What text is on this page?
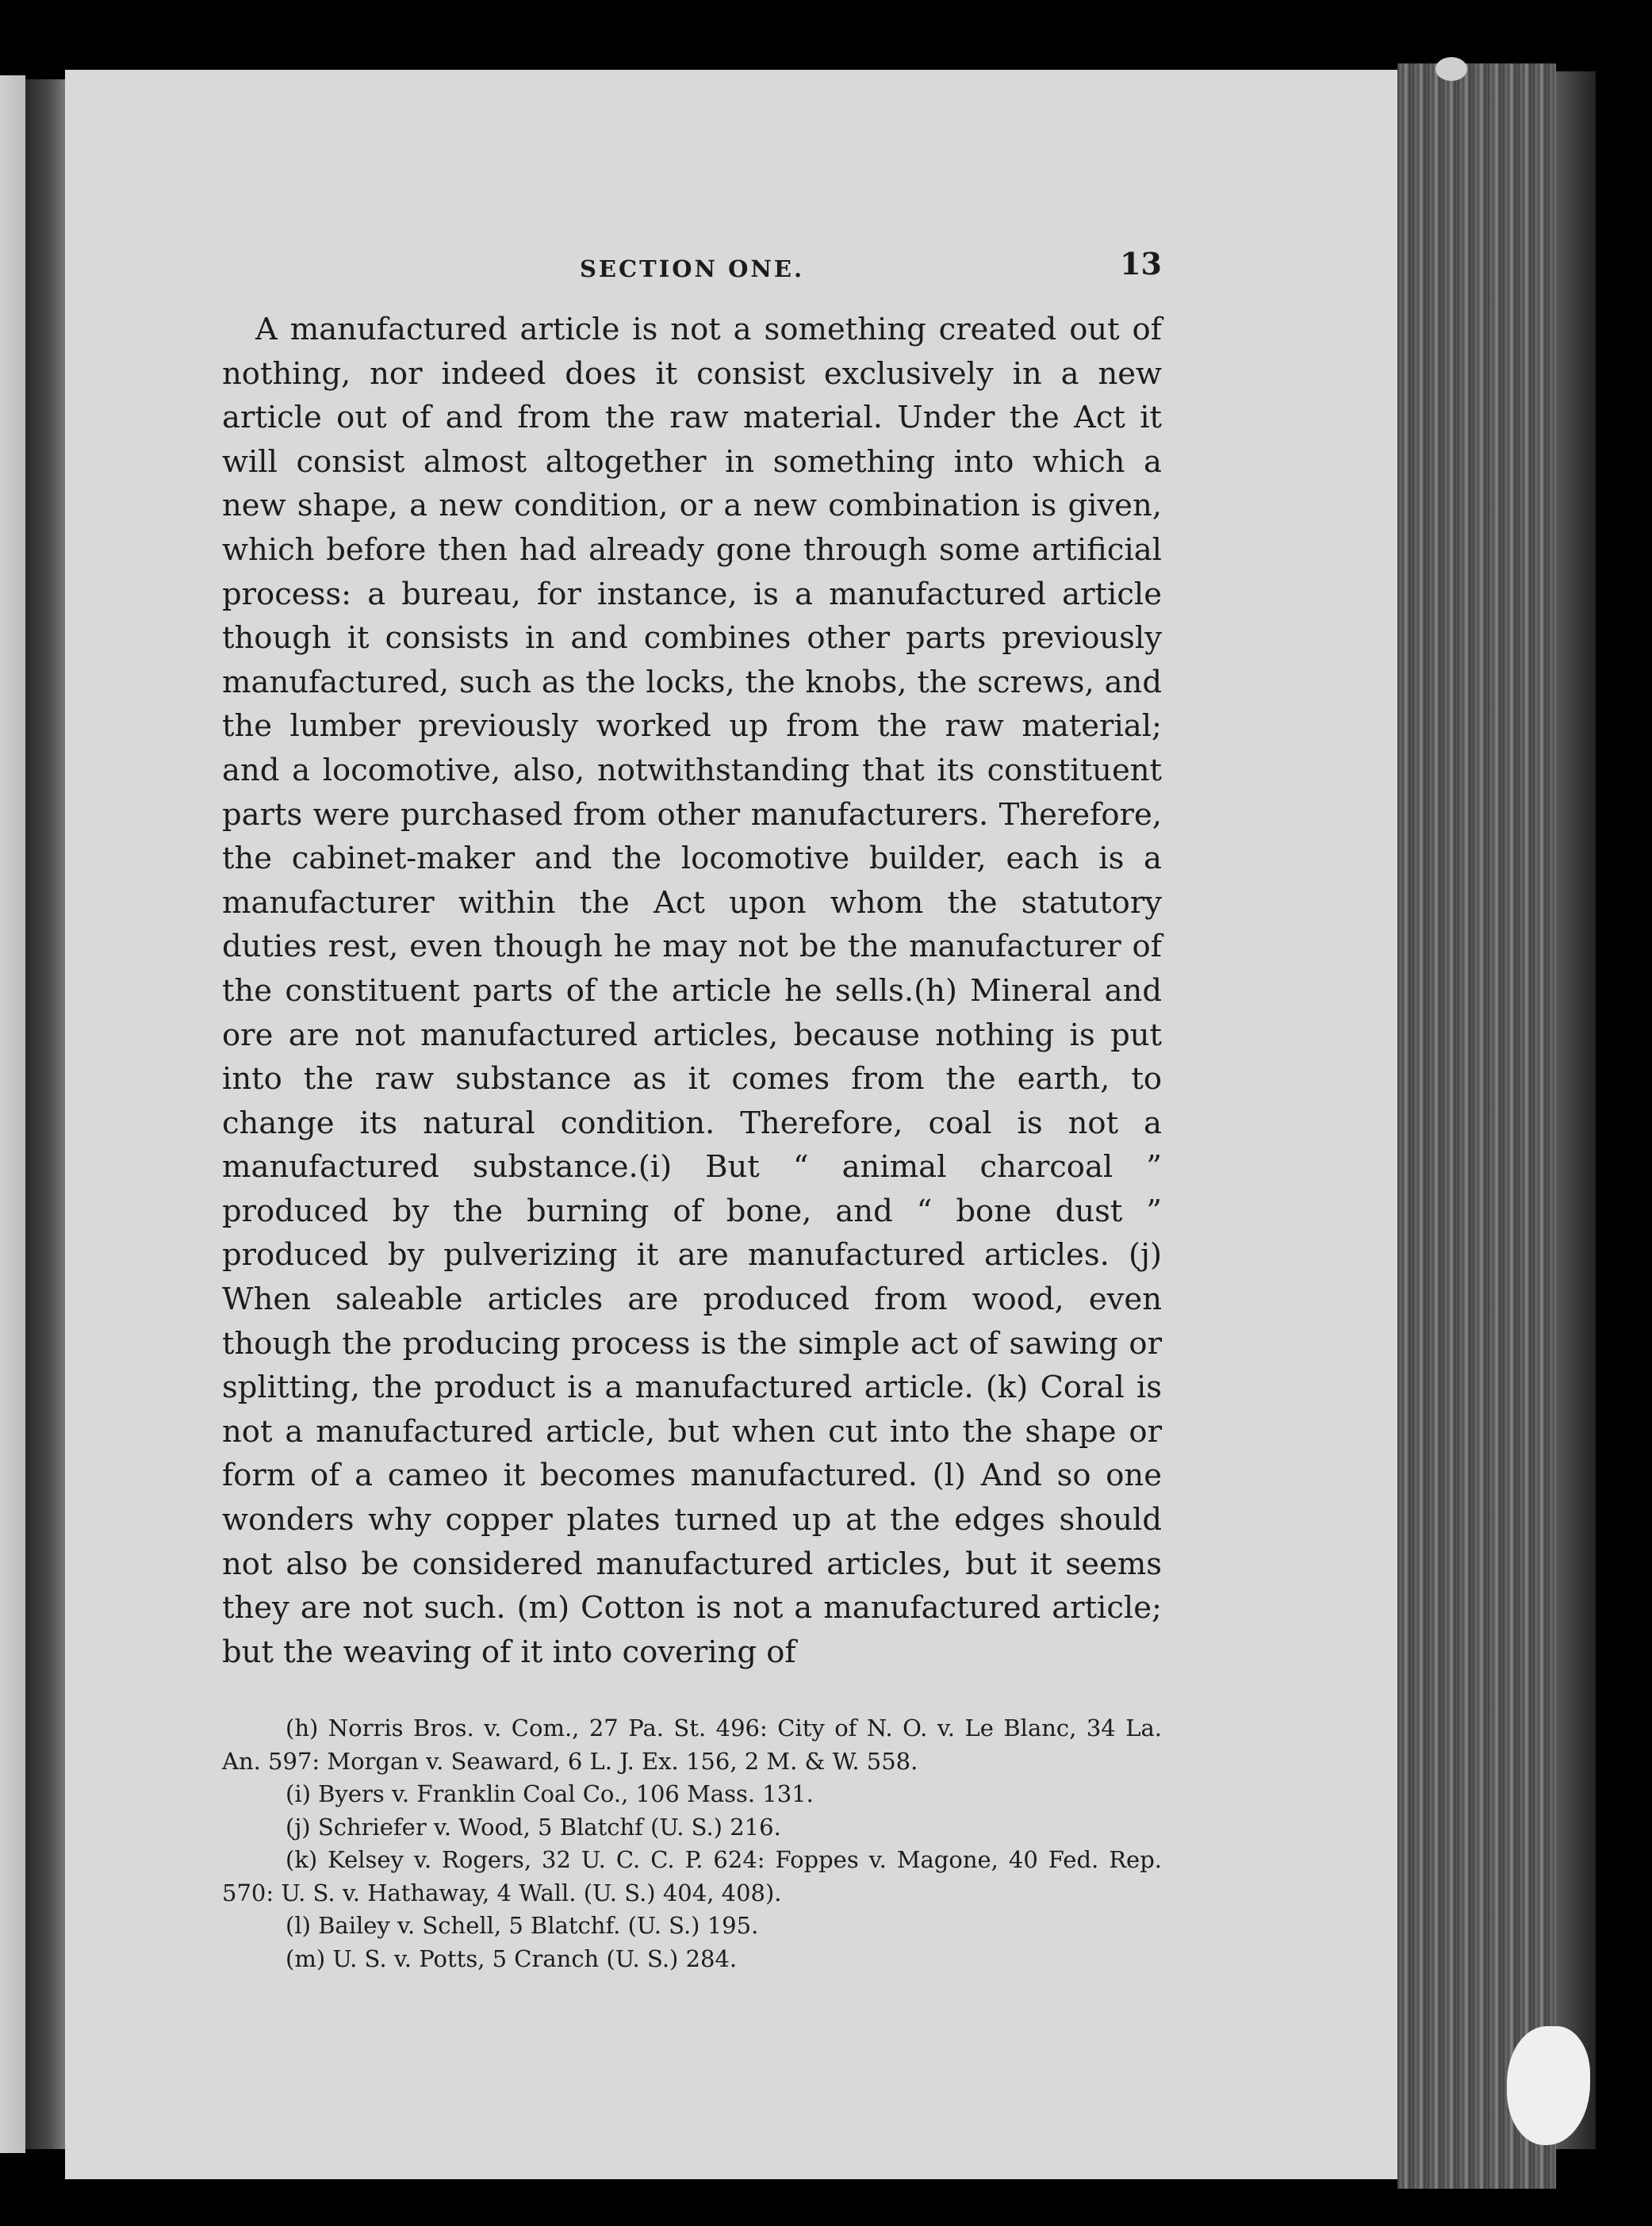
SECTION ONE.	13

A manufactured article is not a something created out of nothing, nor indeed does it consist exclusively in a new article out of and from the raw material. Under the Act it will consist almost altogether in something into which a new shape, a new condition, or a new combination is given, which before then had already gone through some artificial process: a bureau, for instance, is a manufactured article though it consists in and combines other parts previously manufactured, such as the locks, the knobs, the screws, and the lumber previously worked up from the raw material; and a locomotive, also, notwithstanding that its constituent parts were purchased from other manufacturers. Therefore, the cabinet-maker and the locomotive builder, each is a manufacturer within the Act upon whom the statutory duties rest, even though he may not be the manufacturer of the constituent parts of the article he sells.(h) Mineral and ore are not manufactured articles, because nothing is put into the raw substance as it comes from the earth, to change its natural condition. Therefore, coal is not a manufactured substance.(i) But “ animal charcoal ” produced by the burning of bone, and “ bone dust ” produced by pulverizing it are manufactured articles. (j) When saleable articles are produced from wood, even though the producing process is the simple act of sawing or splitting, the product is a manufactured article. (k) Coral is not a manufactured article, but when cut into the shape or form of a cameo it becomes manufactured. (l) And so one wonders why copper plates turned up at the edges should not also be considered manufactured articles, but it seems they are not such. (m) Cotton is not a manufactured article; but the weaving of it into covering of

(h) Norris Bros. v. Com., 27 Pa. St. 496: City of N. O. v. Le Blanc, 34 La. An. 597: Morgan v. Seaward, 6 L. J. Ex. 156, 2 M. & W. 558.

(i) Byers v. Franklin Coal Co., 106 Mass. 131.

(j) Schriefer v. Wood, 5 Blatchf (U. S.) 216.

(k) Kelsey v. Rogers, 32 U. C. C. P. 624: Foppes v. Magone, 40 Fed. Rep. 570: U. S. v. Hathaway, 4 Wall. (U. S.) 404, 408).

(l) Bailey v. Schell, 5 Blatchf. (U. S.) 195.

(m) U. S. v. Potts, 5 Cranch (U. S.) 284.
